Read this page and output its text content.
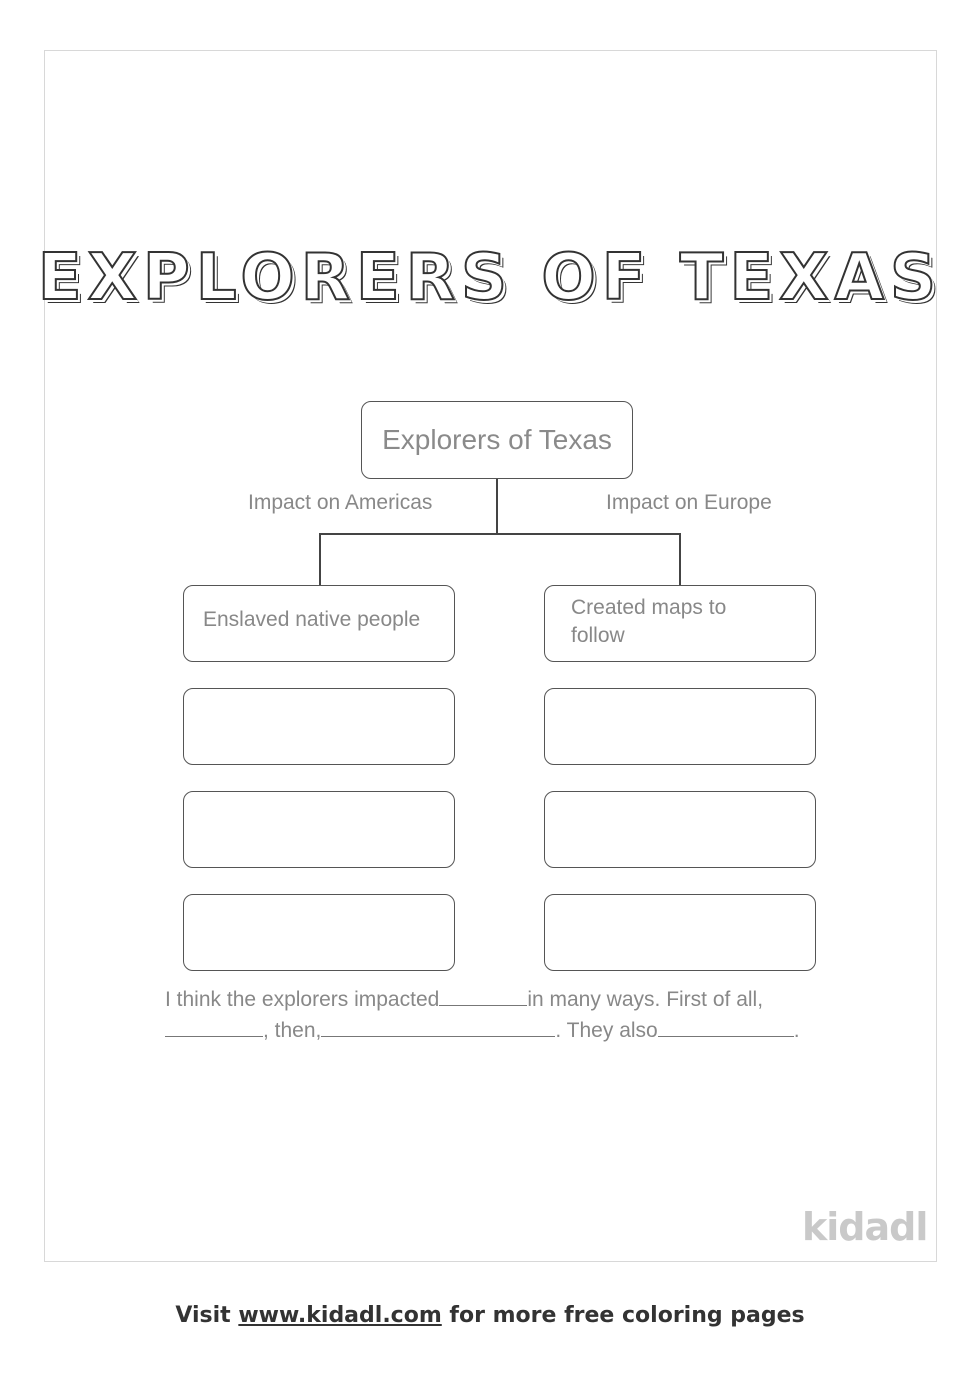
EXPLORERS OF TEXAS
Explorers of Texas
Impact on Americas	Impact on Europe
Enslaved native people
Created maps to follow
I think the explorers impacted	in many ways. First of all,
, then,	. They also	.
kidadl
Visit www.kidadl.com for more free coloring pages
